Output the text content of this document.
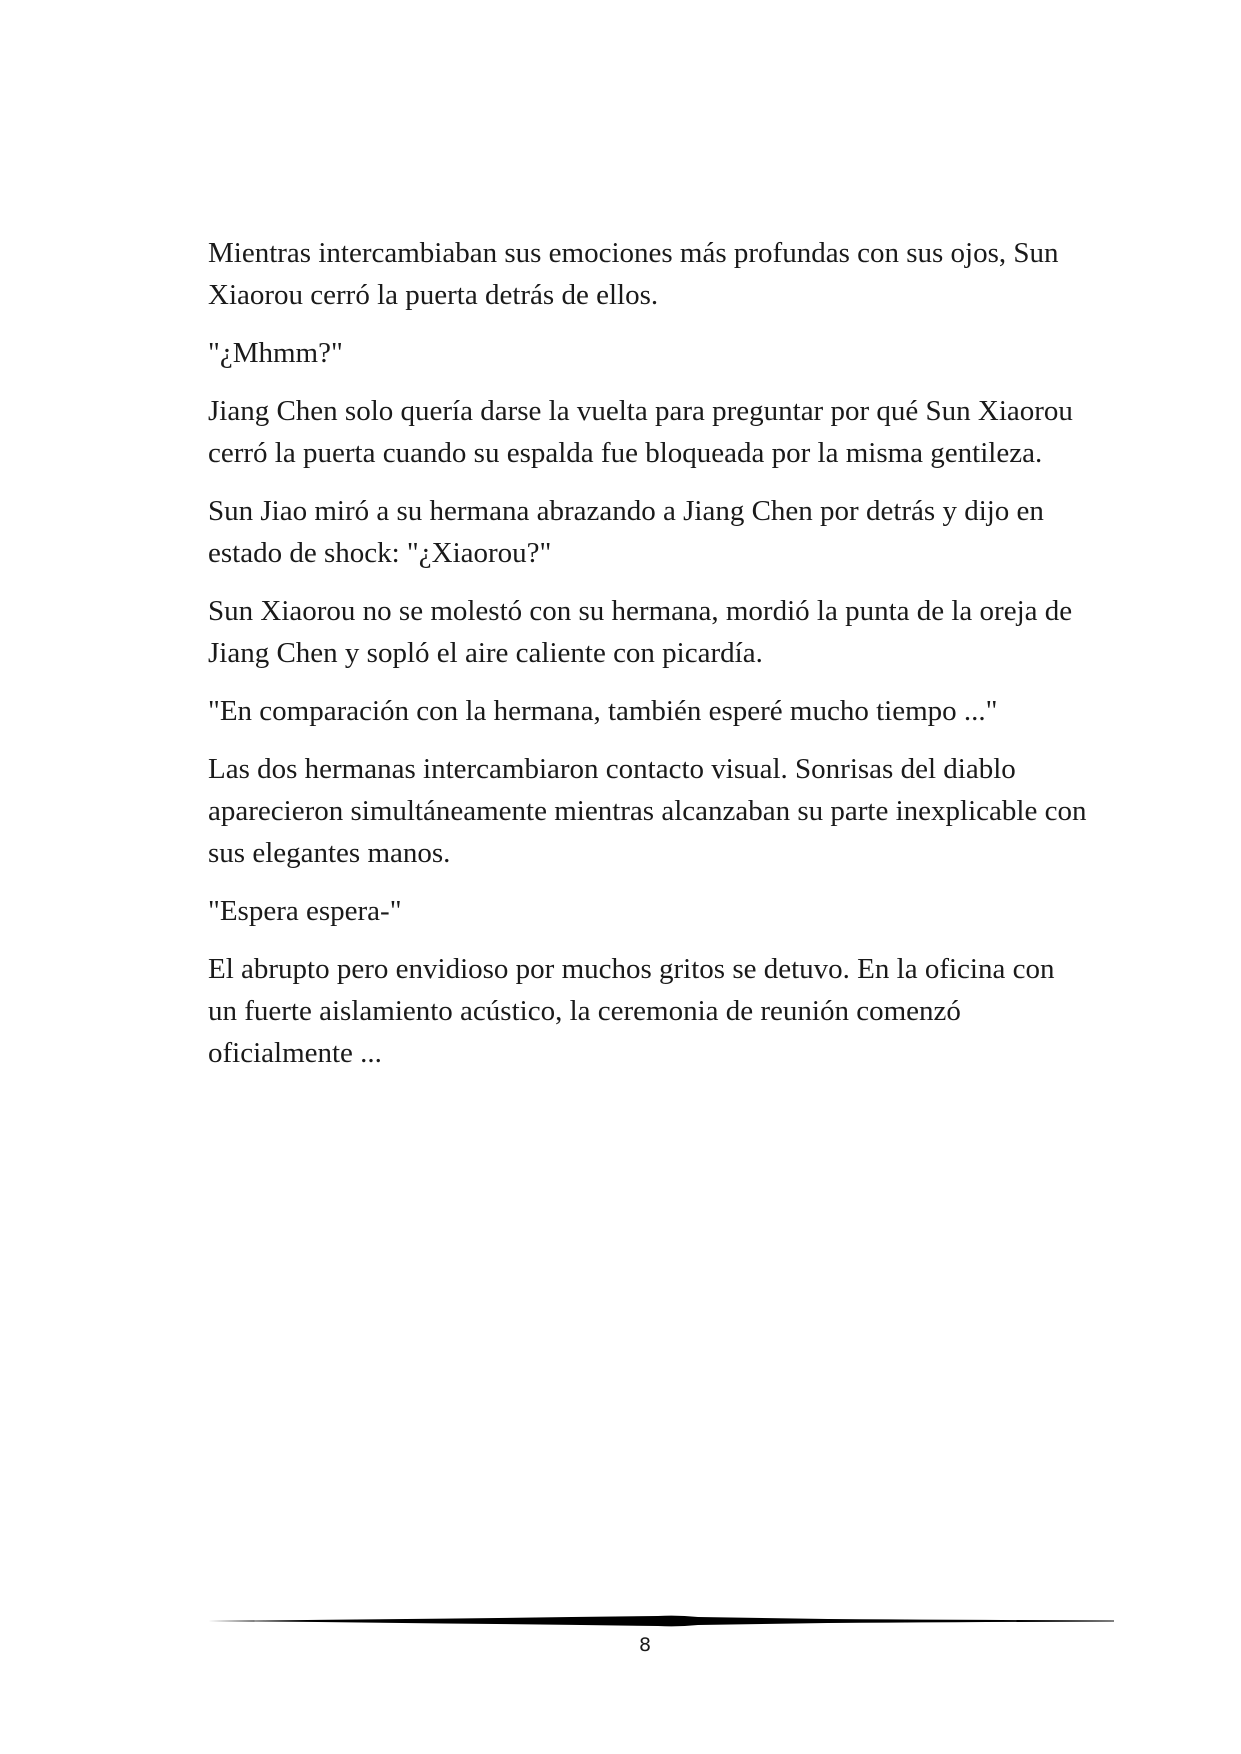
Mientras intercambiaban sus emociones más profundas con sus ojos, Sun Xiaorou cerró la puerta detrás de ellos.

"¿Mhmm?"

Jiang Chen solo quería darse la vuelta para preguntar por qué Sun Xiaorou cerró la puerta cuando su espalda fue bloqueada por la misma gentileza.

Sun Jiao miró a su hermana abrazando a Jiang Chen por detrás y dijo en estado de shock: "¿Xiaorou?"

Sun Xiaorou no se molestó con su hermana, mordió la punta de la oreja de Jiang Chen y sopló el aire caliente con picardía.

"En comparación con la hermana, también esperé mucho tiempo ..."

Las dos hermanas intercambiaron contacto visual. Sonrisas del diablo aparecieron simultáneamente mientras alcanzaban su parte inexplicable con sus elegantes manos.

"Espera espera-"

El abrupto pero envidioso por muchos gritos se detuvo. En la oficina con un fuerte aislamiento acústico, la ceremonia de reunión comenzó oficialmente ...

8
